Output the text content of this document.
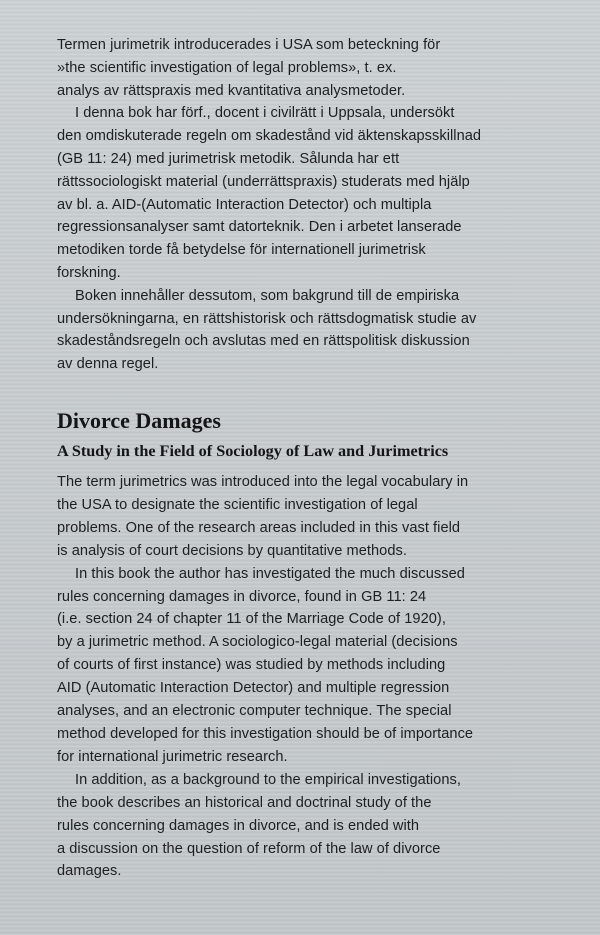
Termen jurimetrik introducerades i USA som beteckning för
»the scientific investigation of legal problems», t. ex.
analys av rättspraxis med kvantitativa analysmetoder.

I denna bok har förf., docent i civilrätt i Uppsala, undersökt
den omdiskuterade regeln om skadestånd vid äktenskapsskillnad
(GB 11: 24) med jurimetrisk metodik. Sålunda har ett
rättssociologiskt material (underrättspraxis) studerats med hjälp
av bl. a. AID-(Automatic Interaction Detector) och multipla
regressionsanalyser samt datorteknik. Den i arbetet lanserade
metodiken torde få betydelse för internationell jurimetrisk
forskning.

Boken innehåller dessutom, som bakgrund till de empiriska
undersökningarna, en rättshistorisk och rättsdogmatisk studie av
skadeståndsregeln och avslutas med en rättspolitisk diskussion
av denna regel.

Divorce Damages
A Study in the Field of Sociology of Law and Jurimetrics

The term jurimetrics was introduced into the legal vocabulary in
the USA to designate the scientific investigation of legal
problems. One of the research areas included in this vast field
is analysis of court decisions by quantitative methods.

In this book the author has investigated the much discussed
rules concerning damages in divorce, found in GB 11: 24
(i.e. section 24 of chapter 11 of the Marriage Code of 1920),
by a jurimetric method. A sociologico-legal material (decisions
of courts of first instance) was studied by methods including
AID (Automatic Interaction Detector) and multiple regression
analyses, and an electronic computer technique. The special
method developed for this investigation should be of importance
for international jurimetric research.

In addition, as a background to the empirical investigations,
the book describes an historical and doctrinal study of the
rules concerning damages in divorce, and is ended with
a discussion on the question of reform of the law of divorce
damages.
